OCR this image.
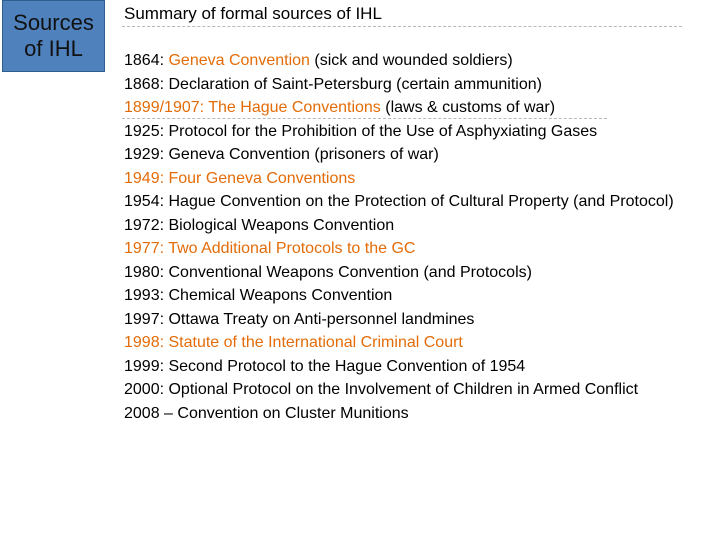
Sources
of IHL
Summary of formal sources of IHL
1864: Geneva Convention (sick and wounded soldiers)
1868: Declaration of Saint-Petersburg (certain ammunition)
1899/1907: The Hague Conventions (laws & customs of war)
1925: Protocol for the Prohibition of the Use of Asphyxiating Gases
1929: Geneva Convention (prisoners of war)
1949: Four Geneva Conventions
1954: Hague Convention on the Protection of Cultural Property (and Protocol)
1972: Biological Weapons Convention
1977: Two Additional Protocols to the GC
1980: Conventional Weapons Convention (and Protocols)
1993: Chemical Weapons Convention
1997: Ottawa Treaty on Anti-personnel landmines
1998: Statute of the International Criminal Court
1999: Second Protocol to the Hague Convention of 1954
2000: Optional Protocol on the Involvement of Children in Armed Conflict
2008 – Convention on Cluster Munitions
